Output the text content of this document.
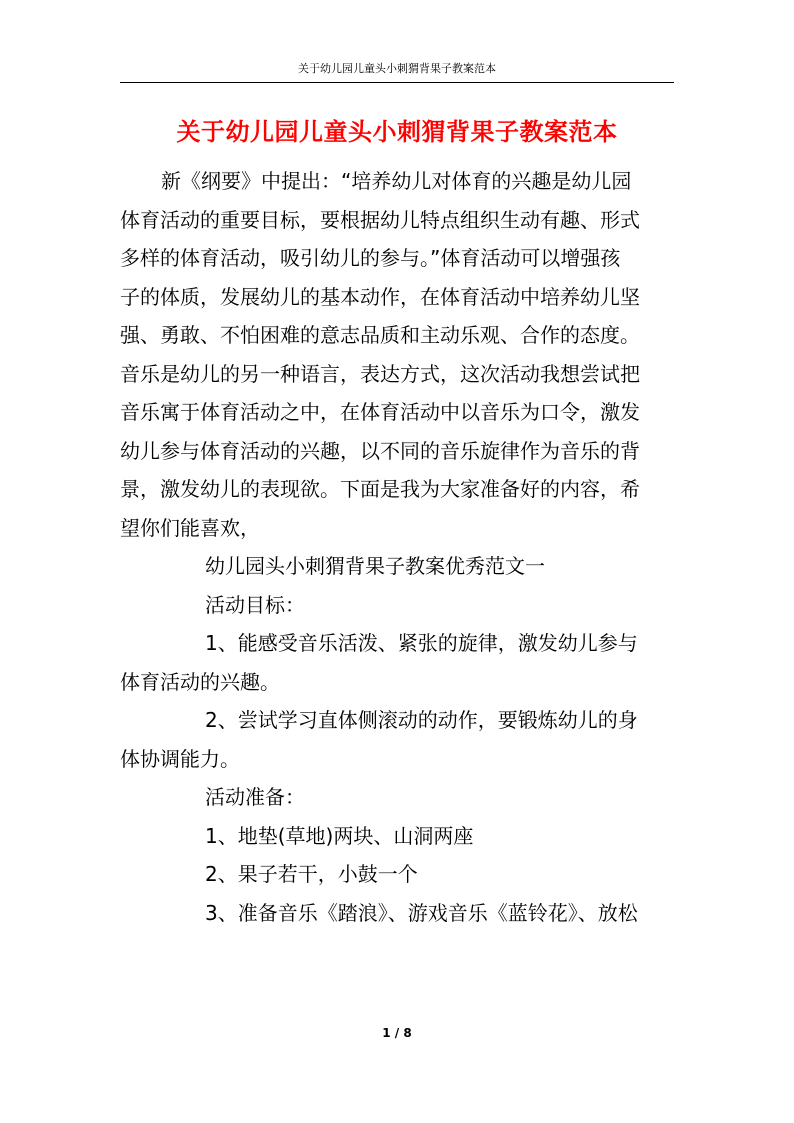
关于幼儿园儿童头小刺猬背果子教案范本
关于幼儿园儿童头小刺猬背果子教案范本

新《纲要》中提出：“培养幼儿对体育的兴趣是幼儿园
体育活动的重要目标，要根据幼儿特点组织生动有趣、形式
多样的体育活动，吸引幼儿的参与。”体育活动可以增强孩
子的体质，发展幼儿的基本动作，在体育活动中培养幼儿坚
强、勇敢、不怕困难的意志品质和主动乐观、合作的态度。
音乐是幼儿的另一种语言，表达方式，这次活动我想尝试把
音乐寓于体育活动之中，在体育活动中以音乐为口令，激发
幼儿参与体育活动的兴趣，以不同的音乐旋律作为音乐的背
景，激发幼儿的表现欲。下面是我为大家准备好的内容，希
望你们能喜欢，

幼儿园头小刺猬背果子教案优秀范文一

活动目标：

1、能感受音乐活泼、紧张的旋律，激发幼儿参与
体育活动的兴趣。

2、尝试学习直体侧滚动的动作，要锻炼幼儿的身
体协调能力。

活动准备：

1、地垫(草地)两块、山洞两座
2、果子若干，小鼓一个
3、准备音乐《踏浪》、游戏音乐《蓝铃花》、放松

1 / 8
